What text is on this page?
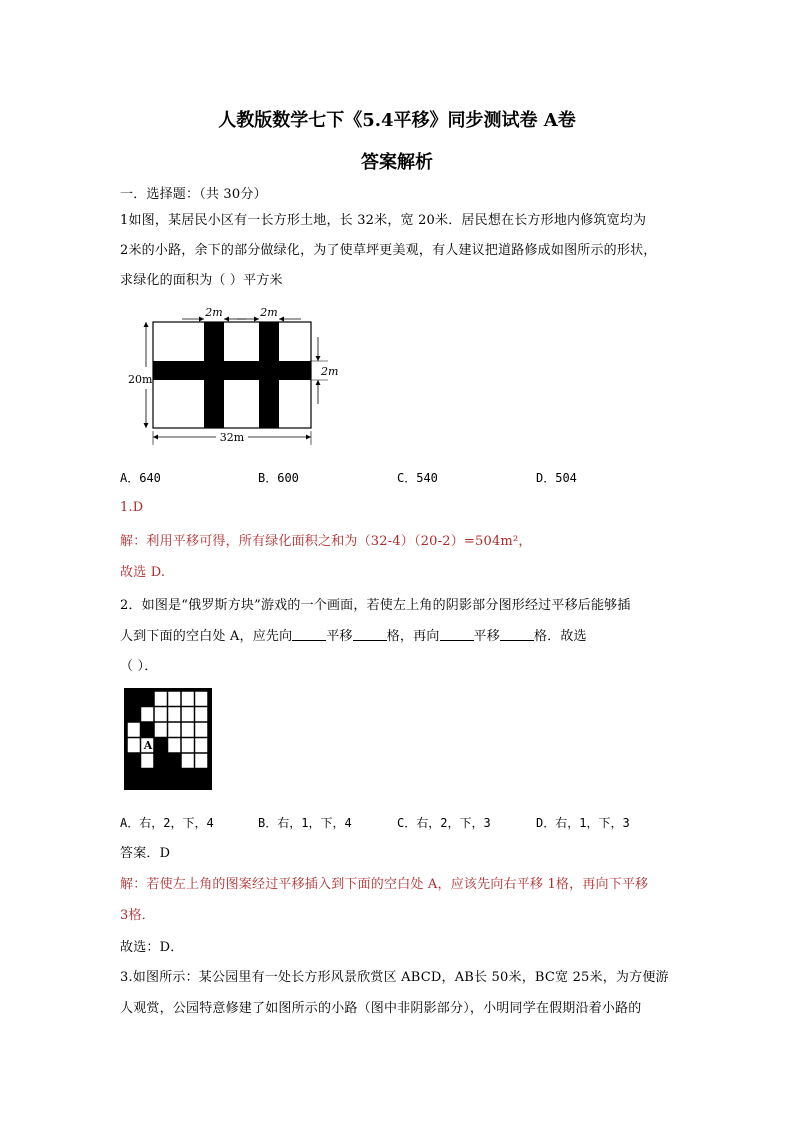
人教版数学七下《5.4平移》同步测试卷 A卷
答案解析
一．选择题：（共 30分）
1如图，某居民小区有一长方形土地，长 32米，宽 20米．居民想在长方形地内修筑宽均为
2米的小路，余下的部分做绿化，为了使草坪更美观，有人建议把道路修成如图所示的形状，
求绿化的面积为（ ）平方米
2m	2m
2m
20m
32m
A．640	B．600	C．540	D．504
1.D
解：利用平移可得，所有绿化面积之和为（32-4）（20-2）=504m²，
故选 D.
2．如图是“俄罗斯方块”游戏的一个画面，若使左上角的阴影部分图形经过平移后能够插
人到下面的空白处 A，应先向	平移	格，再向	平移	格．故选
（ ）．
A
A．右，2，下，4	B．右，1，下，4	C．右，2，下，3	D．右，1，下，3
答案．D
解：若使左上角的图案经过平移插入到下面的空白处 A，应该先向右平移 1格，再向下平移
3格．
故选：D．
3.如图所示：某公园里有一处长方形风景欣赏区 ABCD，AB长 50米，BC宽 25米，为方便游
人观赏，公园特意修建了如图所示的小路（图中非阴影部分），小明同学在假期沿着小路的
